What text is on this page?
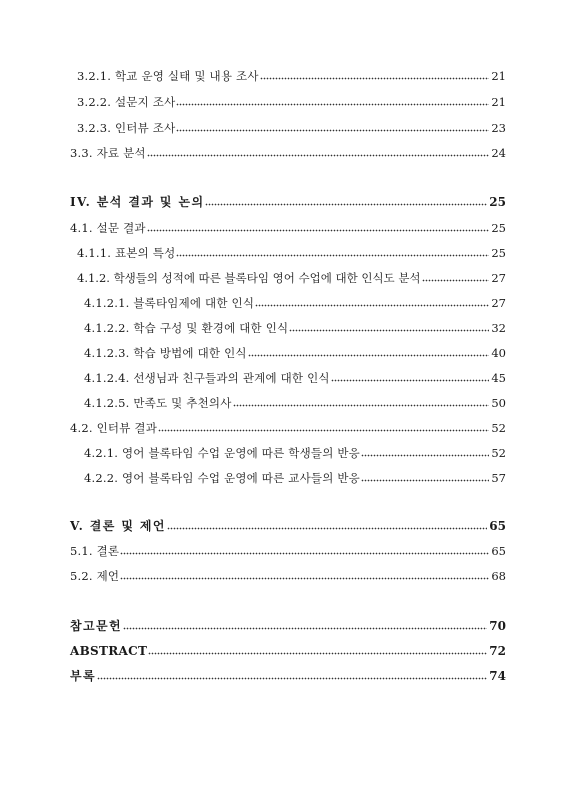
3.2.1. 학교 운영 실태 및 내용 조사	21
3.2.2. 설문지 조사	21
3.2.3. 인터뷰 조사	23
3.3. 자료 분석	24
IV. 분석 결과 및 논의	25
4.1. 설문 결과	25
4.1.1. 표본의 특성	25
4.1.2. 학생들의 성적에 따른 블록타임 영어 수업에 대한 인식도 분석	27
4.1.2.1. 블록타임제에 대한 인식	27
4.1.2.2. 학습 구성 및 환경에 대한 인식	32
4.1.2.3. 학습 방법에 대한 인식	40
4.1.2.4. 선생님과 친구들과의 관계에 대한 인식	45
4.1.2.5. 만족도 및 추천의사	50
4.2. 인터뷰 결과	52
4.2.1. 영어 블록타임 수업 운영에 따른 학생들의 반응	52
4.2.2. 영어 블록타임 수업 운영에 따른 교사들의 반응	57
V. 결론 및 제언	65
5.1. 결론	65
5.2. 제언	68
참고문헌	70
ABSTRACT	72
부록	74
